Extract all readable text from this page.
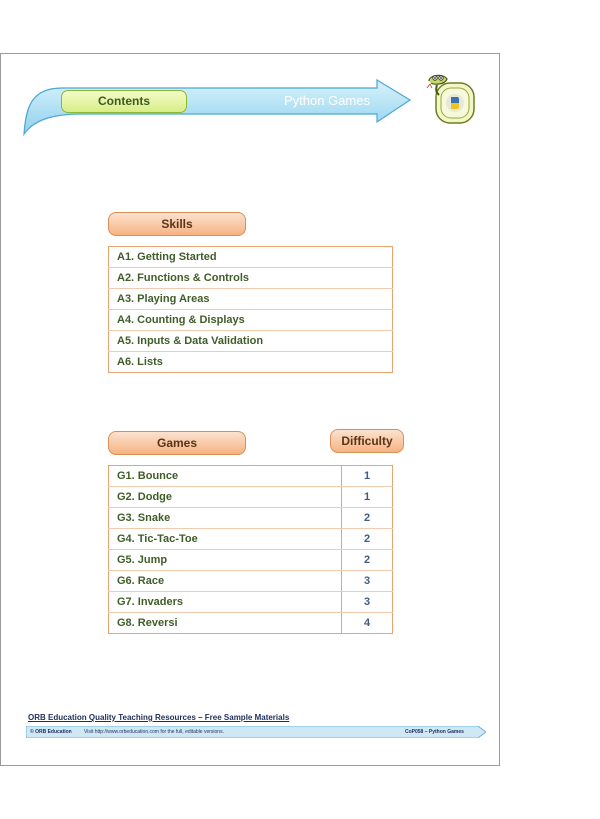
Contents	Python Games
Skills
A1. Getting Started
A2. Functions & Controls
A3. Playing Areas
A4. Counting & Displays
A5. Inputs & Data Validation
A6. Lists
Games	Difficulty
G1. Bounce	1
G2. Dodge	1
G3. Snake	2
G4. Tic-Tac-Toe	2
G5. Jump	2
G6. Race	3
G7. Invaders	3
G8. Reversi	4
ORB Education Quality Teaching Resources – Free Sample Materials
© ORB Education Visit http://www.orbeducation.com for the full, editable versions.	CoP058 – Python Games
